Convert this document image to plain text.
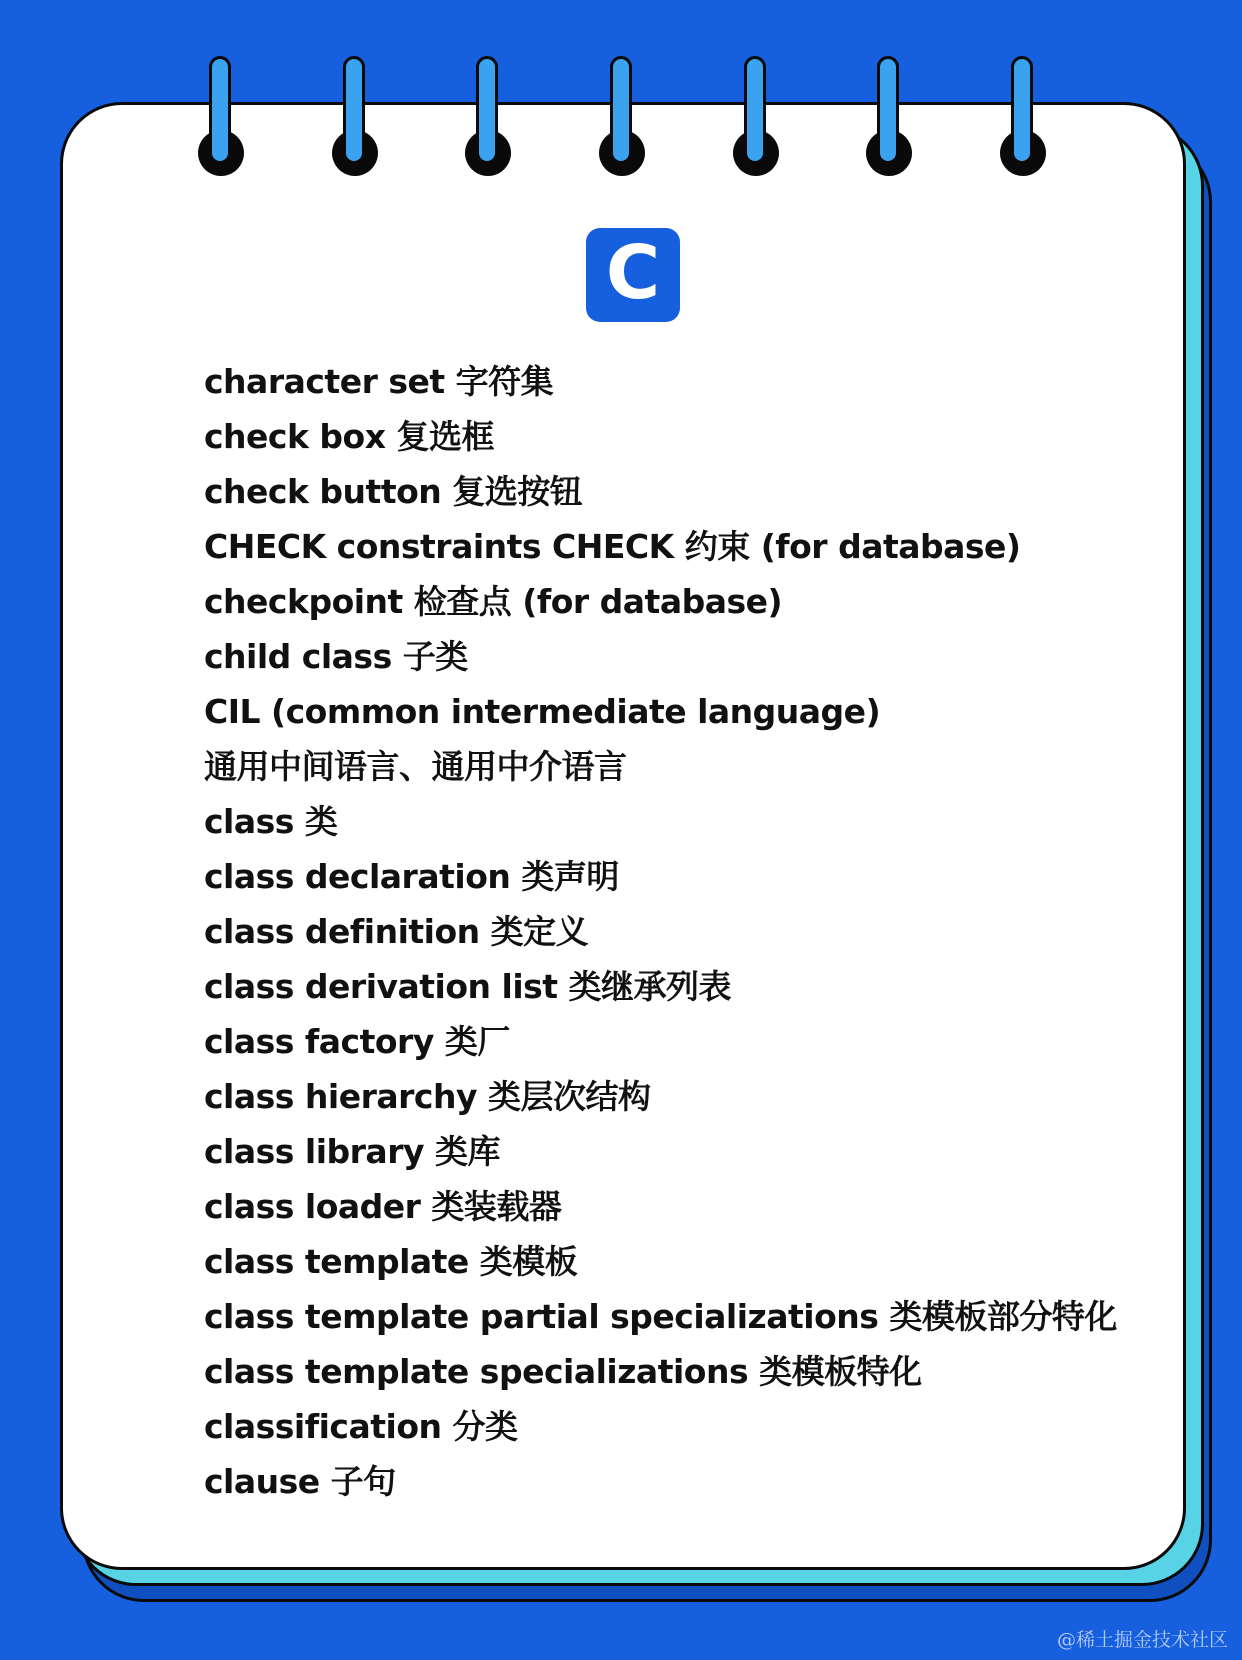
C
character set 字符集
check box 复选框
check button 复选按钮
CHECK constraints CHECK 约束 (for database)
checkpoint 检查点 (for database)
child class 子类
CIL (common intermediate language)
通用中间语言、通用中介语言
class 类
class declaration 类声明
class definition 类定义
class derivation list 类继承列表
class factory 类厂
class hierarchy 类层次结构
class library 类库
class loader 类装载器
class template 类模板
class template partial specializations 类模板部分特化
class template specializations 类模板特化
classification 分类
clause 子句
@稀土掘金技术社区
